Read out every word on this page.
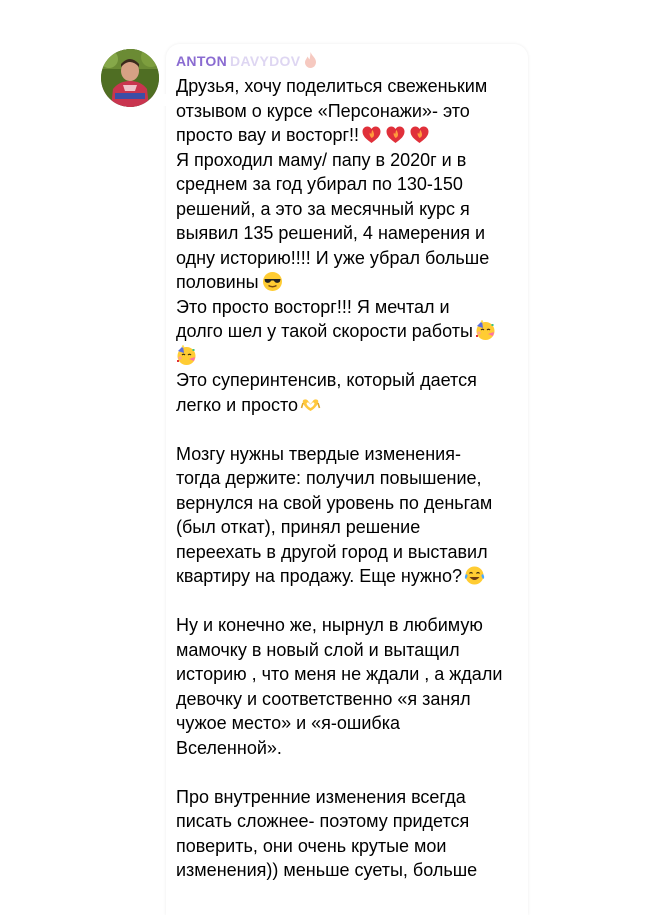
ANTON DAVYDOV
Друзья, хочу поделиться свеженьким
отзывом о курсе «Персонажи»- это
просто вау и восторг!!
Я проходил маму/ папу в 2020г и в
среднем за год убирал по 130-150
решений, а это за месячный курс я
выявил 135 решений, 4 намерения и
одну историю!!!! И уже убрал больше
половины
Это просто восторг!!! Я мечтал и
долго шел у такой скорости работы
Это суперинтенсив, который дается
легко и просто
Мозгу нужны твердые изменения-
тогда держите: получил повышение,
вернулся на свой уровень по деньгам
(был откат), принял решение
переехать в другой город и выставил
квартиру на продажу. Еще нужно?
Ну и конечно же, нырнул в любимую
мамочку в новый слой и вытащил
историю , что меня не ждали , а ждали
девочку и соответственно «я занял
чужое место» и «я-ошибка
Вселенной».
Про внутренние изменения всегда
писать сложнее- поэтому придется
поверить, они очень крутые мои
изменения)) меньше суеты, больше
